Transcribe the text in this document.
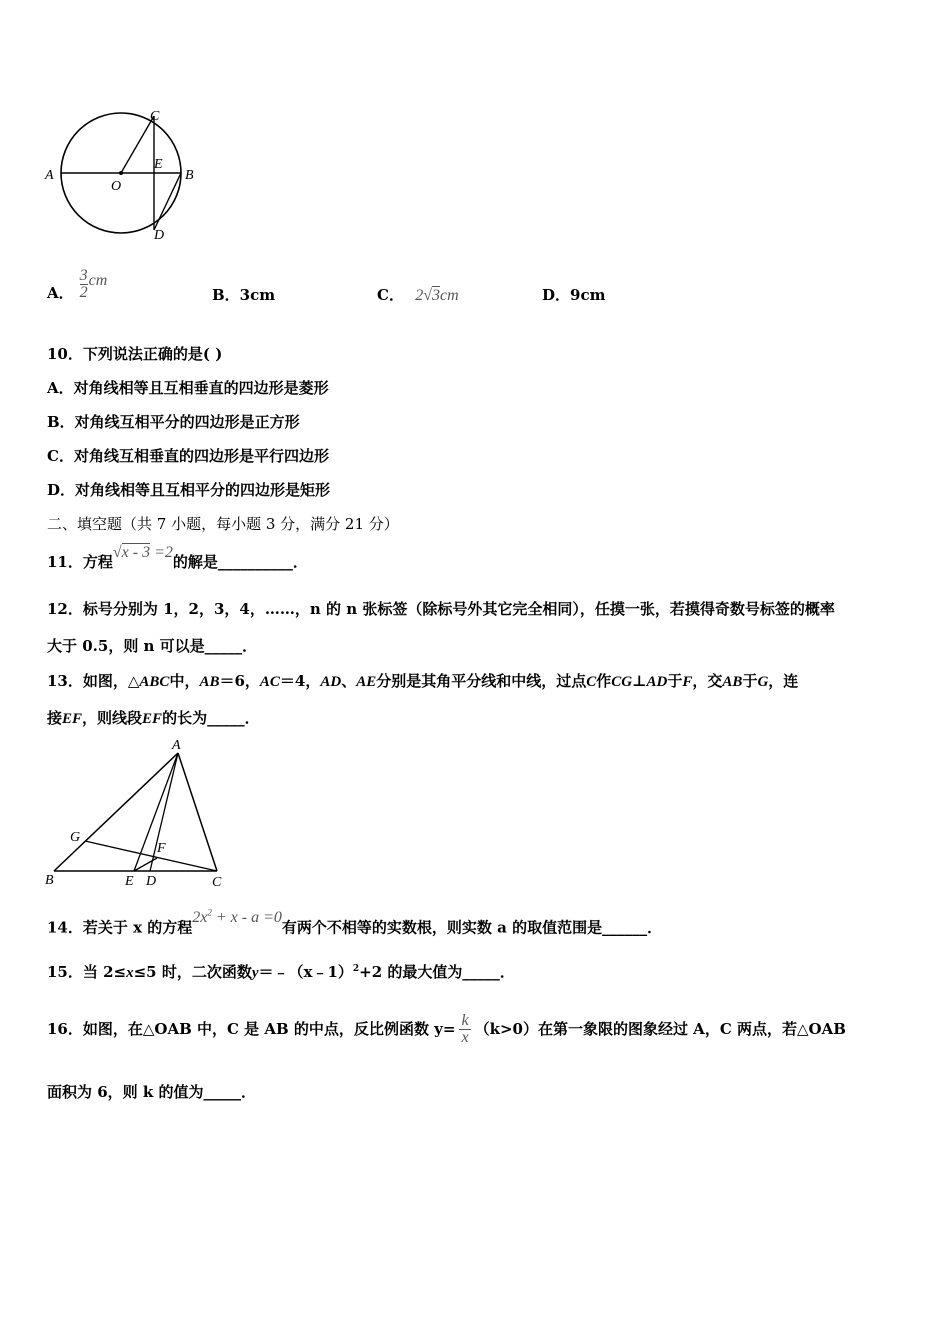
A	B
C
D
E
O
A． $\frac{3}{2}$ cm
B．3cm	C． 2√3cm	D．9cm
10．下列说法正确的是( )
A．对角线相等且互相垂直的四边形是菱形
B．对角线互相平分的四边形是正方形
C．对角线互相垂直的四边形是平行四边形
D．对角线相等且互相平分的四边形是矩形
二、填空题（共 7 小题，每小题 3 分，满分 21 分）
11．方程√x - 3 =2的解是__________．
12．标号分别为 1，2，3，4，……，n 的 n 张标签（除标号外其它完全相同），任摸一张，若摸得奇数号标签的概率
大于 0.5，则 n 可以是_____．
13．如图，△ABC中，AB＝6，AC＝4，AD、AE分别是其角平分线和中线，过点C作CG⊥AD于F，交AB于G，连
接EF，则线段EF的长为_____．
A
B	C
D
E
F
G
14．若关于 x 的方程$2x^2 + x - a =0$有两个不相等的实数根，则实数 a 的取值范围是______．
15．当 2≤x≤5 时，二次函数y＝﹣（x﹣1）$^2$+2 的最大值为_____．
16．如图，在△OAB 中，C 是 AB 的中点，反比例函数 $y= \frac{k}{x} (k>0)$在第一象限的图象经过 A，C 两点，若△OAB
面积为 6，则 k 的值为_____．
